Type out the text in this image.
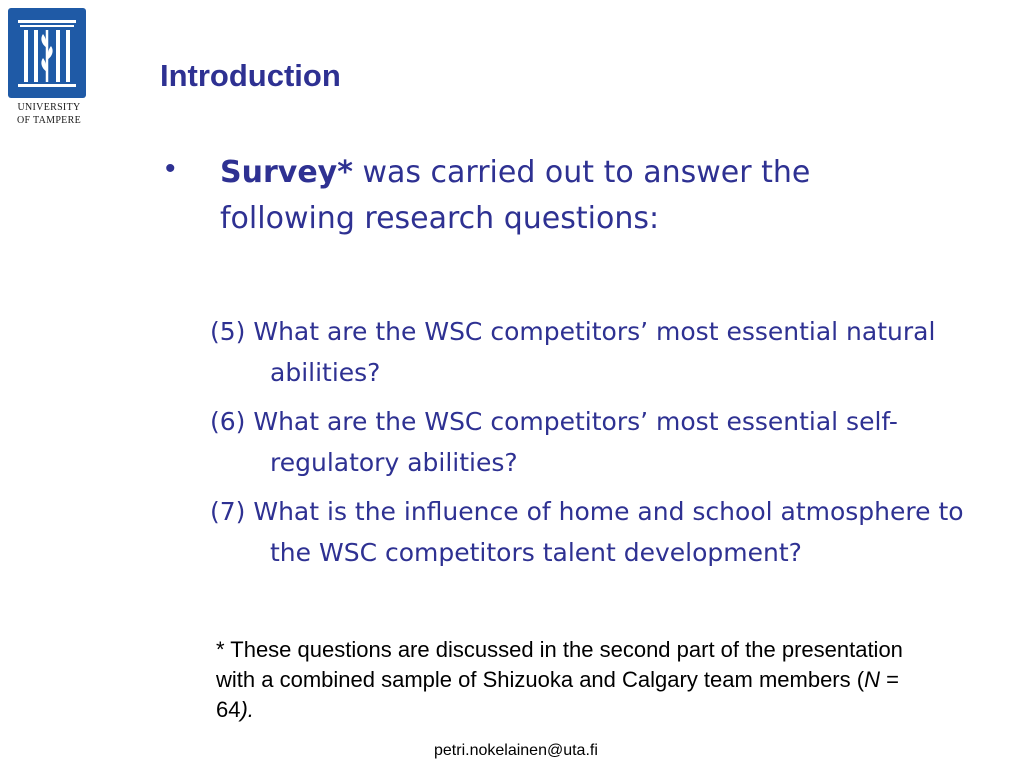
UNIVERSITY
OF TAMPERE
Introduction
• Survey* was carried out to answer the following research questions:
(5) What are the WSC competitors’ most essential natural abilities?
(6) What are the WSC competitors’ most essential self-regulatory abilities?
(7) What is the influence of home and school atmosphere to the WSC competitors talent development?
* These questions are discussed in the second part of the presentation with a combined sample of Shizuoka and Calgary team members (N = 64).
petri.nokelainen@uta.fi
